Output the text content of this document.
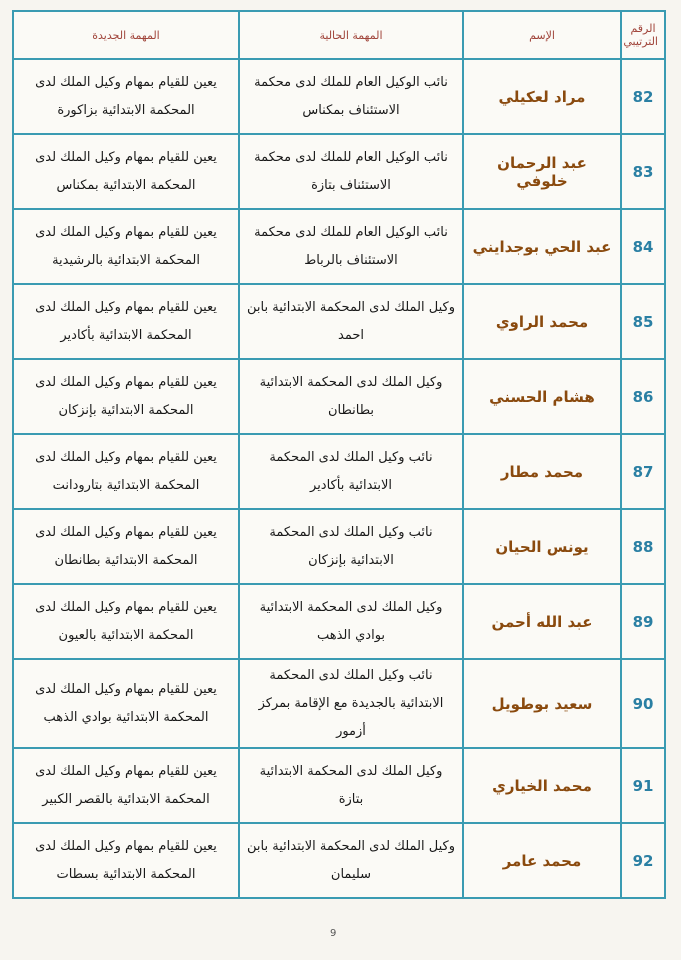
الرقم الترتيبي	الإسم	المهمة الحالية	المهمة الجديدة
82	مراد لعكيلي	نائب الوكيل العام للملك لدى محكمة الاستئناف بمكناس	يعين للقيام بمهام وكيل الملك لدى المحكمة الابتدائية بزاكورة
83	عبد الرحمان خلوفي	نائب الوكيل العام للملك لدى محكمة الاستئناف بتازة	يعين للقيام بمهام وكيل الملك لدى المحكمة الابتدائية بمكناس
84	عبد الحي بوجدايني	نائب الوكيل العام للملك لدى محكمة الاستئناف بالرباط	يعين للقيام بمهام وكيل الملك لدى المحكمة الابتدائية بالرشيدية
85	محمد الراوي	وكيل الملك لدى المحكمة الابتدائية بابن احمد	يعين للقيام بمهام وكيل الملك لدى المحكمة الابتدائية بأكادير
86	هشام الحسني	وكيل الملك لدى المحكمة الابتدائية بطانطان	يعين للقيام بمهام وكيل الملك لدى المحكمة الابتدائية بإنزكان
87	محمد مطار	نائب وكيل الملك لدى المحكمة الابتدائية بأكادير	يعين للقيام بمهام وكيل الملك لدى المحكمة الابتدائية بتارودانت
88	يونس الحيان	نائب وكيل الملك لدى المحكمة الابتدائية بإنزكان	يعين للقيام بمهام وكيل الملك لدى المحكمة الابتدائية بطانطان
89	عبد الله أحمن	وكيل الملك لدى المحكمة الابتدائية بوادي الذهب	يعين للقيام بمهام وكيل الملك لدى المحكمة الابتدائية بالعيون
90	سعيد بوطويل	نائب وكيل الملك لدى المحكمة الابتدائية بالجديدة مع الإقامة بمركز أزمور	يعين للقيام بمهام وكيل الملك لدى المحكمة الابتدائية بوادي الذهب
91	محمد الخياري	وكيل الملك لدى المحكمة الابتدائية بتازة	يعين للقيام بمهام وكيل الملك لدى المحكمة الابتدائية بالقصر الكبير
92	محمد عامر	وكيل الملك لدى المحكمة الابتدائية بابن سليمان	يعين للقيام بمهام وكيل الملك لدى المحكمة الابتدائية بسطات
9
